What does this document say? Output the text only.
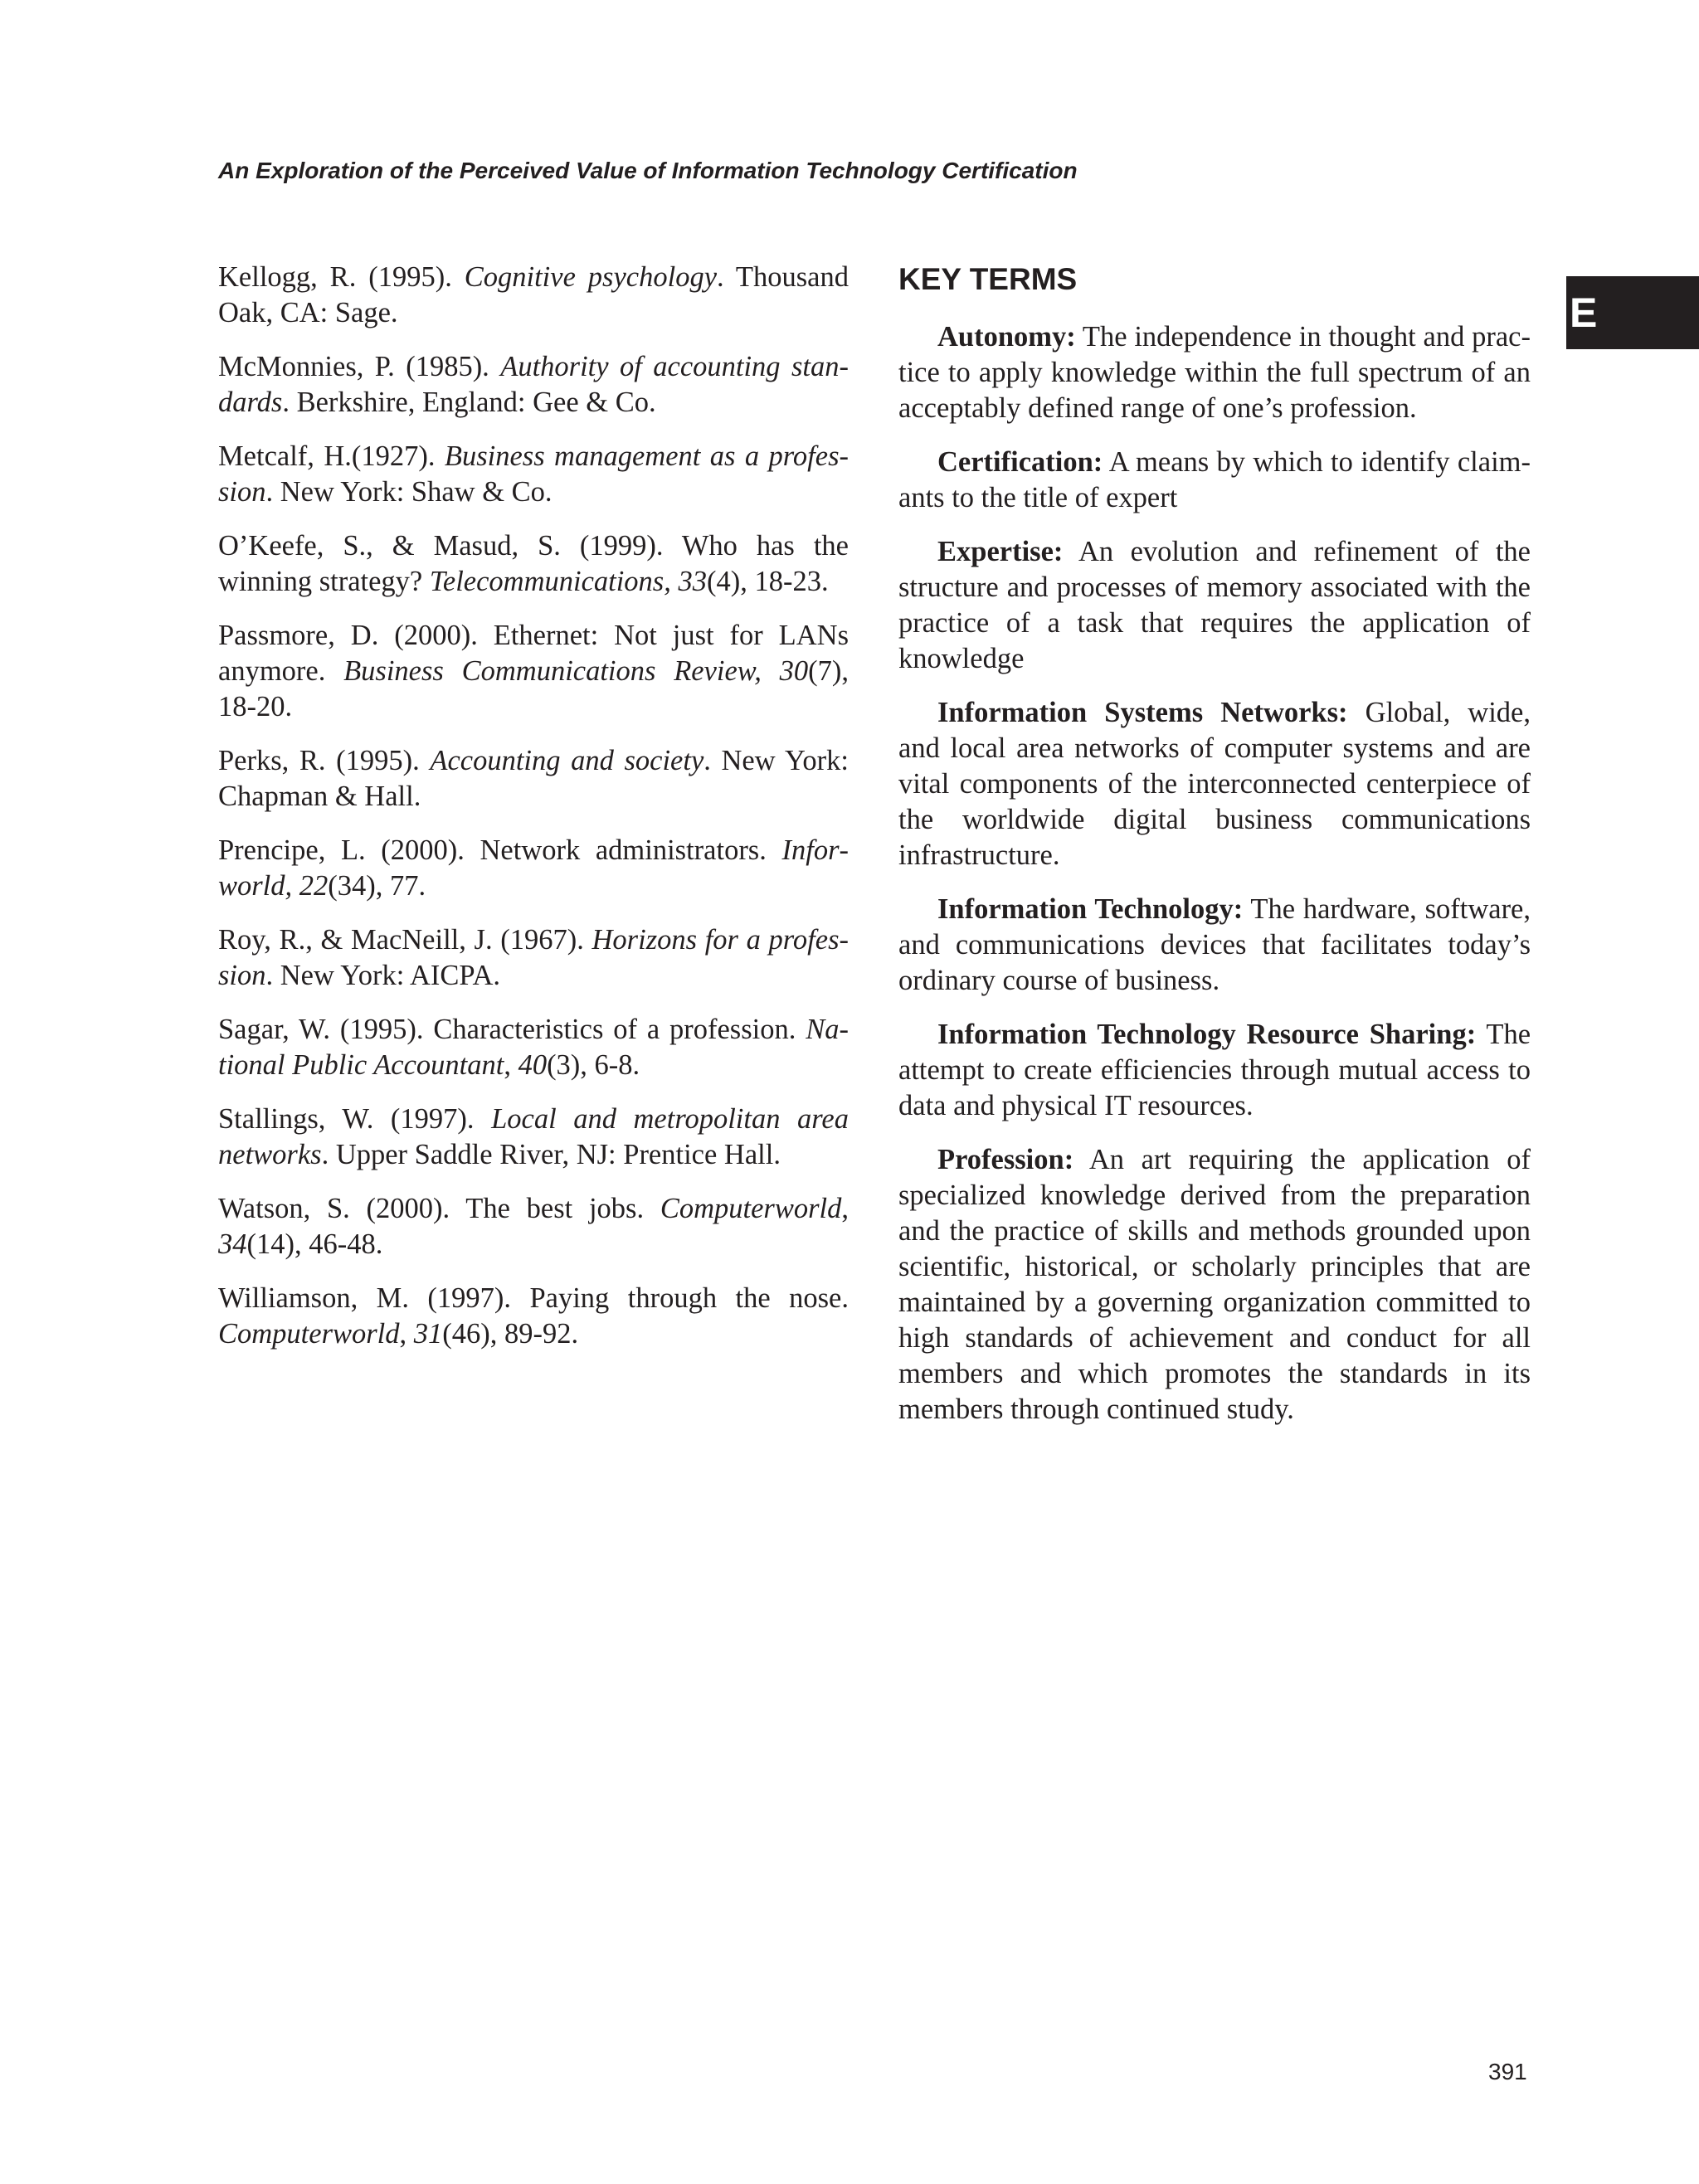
An Exploration of the Perceived Value of Information Technology Certification
E

Kellogg, R. (1995). Cognitive psychology. Thousand Oak, CA: Sage.

McMonnies, P. (1985). Authority of accounting standards. Berkshire, England: Gee & Co.

Metcalf, H.(1927). Business management as a profession. New York: Shaw & Co.

O’Keefe, S., & Masud, S. (1999). Who has the winning strategy? Telecommunications, 33(4), 18-23.

Passmore, D. (2000). Ethernet: Not just for LANs anymore. Business Communications Review, 30(7), 18-20.

Perks, R. (1995). Accounting and society. New York: Chapman & Hall.

Prencipe, L. (2000). Network administrators. Inforworld, 22(34), 77.

Roy, R., & MacNeill, J. (1967). Horizons for a profession. New York: AICPA.

Sagar, W. (1995). Characteristics of a profession. National Public Accountant, 40(3), 6-8.

Stallings, W. (1997). Local and metropolitan area networks. Upper Saddle River, NJ: Prentice Hall.

Watson, S. (2000). The best jobs. Computerworld, 34(14), 46-48.

Williamson, M. (1997). Paying through the nose. Computerworld, 31(46), 89-92.

KEY TERMS

Autonomy: The independence in thought and practice to apply knowledge within the full spectrum of an acceptably defined range of one’s profession.

Certification: A means by which to identify claimants to the title of expert

Expertise: An evolution and refinement of the structure and processes of memory associated with the practice of a task that requires the application of knowledge

Information Systems Networks: Global, wide, and local area networks of computer systems and are vital components of the interconnected centerpiece of the worldwide digital business communications infrastructure.

Information Technology: The hardware, software, and communications devices that facilitates today’s ordinary course of business.

Information Technology Resource Sharing: The attempt to create efficiencies through mutual access to data and physical IT resources.

Profession: An art requiring the application of specialized knowledge derived from the preparation and the practice of skills and methods grounded upon scientific, historical, or scholarly principles that are maintained by a governing organization committed to high standards of achievement and conduct for all members and which promotes the standards in its members through continued study.

391
